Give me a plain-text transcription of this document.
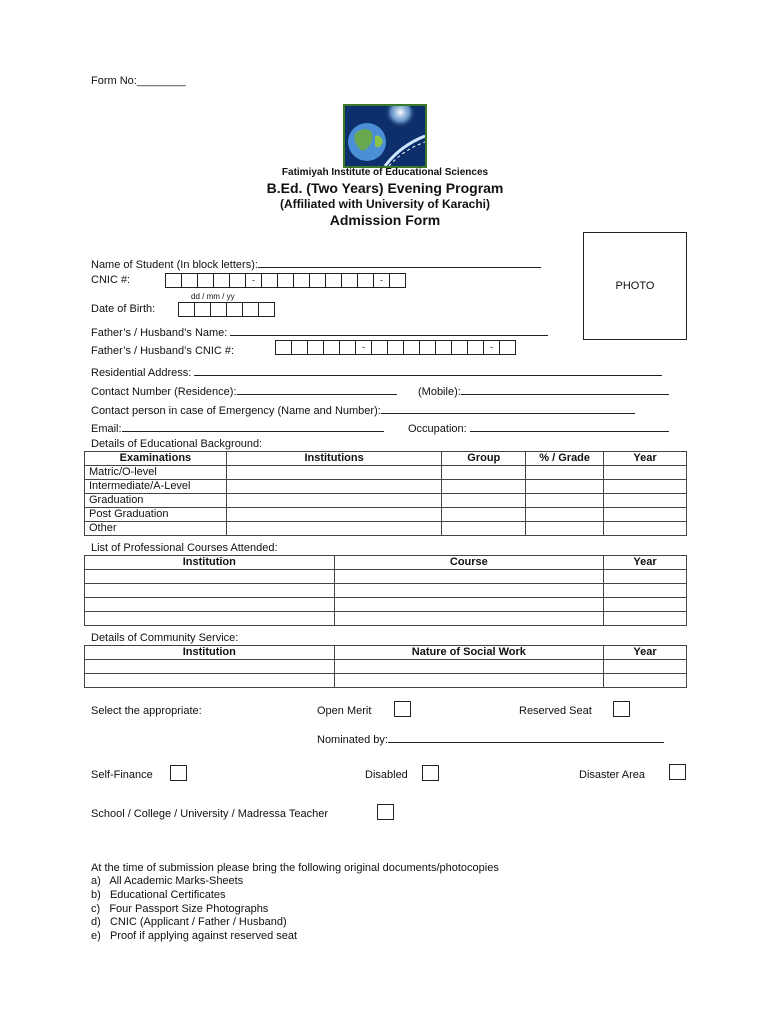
Form No:________
Fatimiyah Institute of Educational Sciences
B.Ed. (Two Years) Evening Program
(Affiliated with University of Karachi)
Admission Form
PHOTO
Name of Student (In block letters):
CNIC #:	-	-
dd / mm / yy
Date of Birth:
Father’s / Husband’s Name:
Father’s / Husband’s CNIC #:	-	-
Residential Address:
Contact Number (Residence):	(Mobile):
Contact person in case of Emergency (Name and Number):
Email:	Occupation:
Details of Educational Background:
Examinations	Institutions	Group	% / Grade	Year
Matric/O-level				
Intermediate/A-Level				
Graduation				
Post Graduation				
Other				
List of Professional Courses Attended:
Institution	Course	Year

Details of Community Service:
Institution	Nature of Social Work	Year

Select the appropriate:	Open Merit	Reserved Seat
Nominated by:
Self-Finance	Disabled	Disaster Area
School / College / University / Madressa Teacher
At the time of submission please bring the following original documents/photocopies
a)   All Academic Marks-Sheets
b)   Educational Certificates
c)   Four Passport Size Photographs
d)   CNIC (Applicant / Father / Husband)
e)   Proof if applying against reserved seat
